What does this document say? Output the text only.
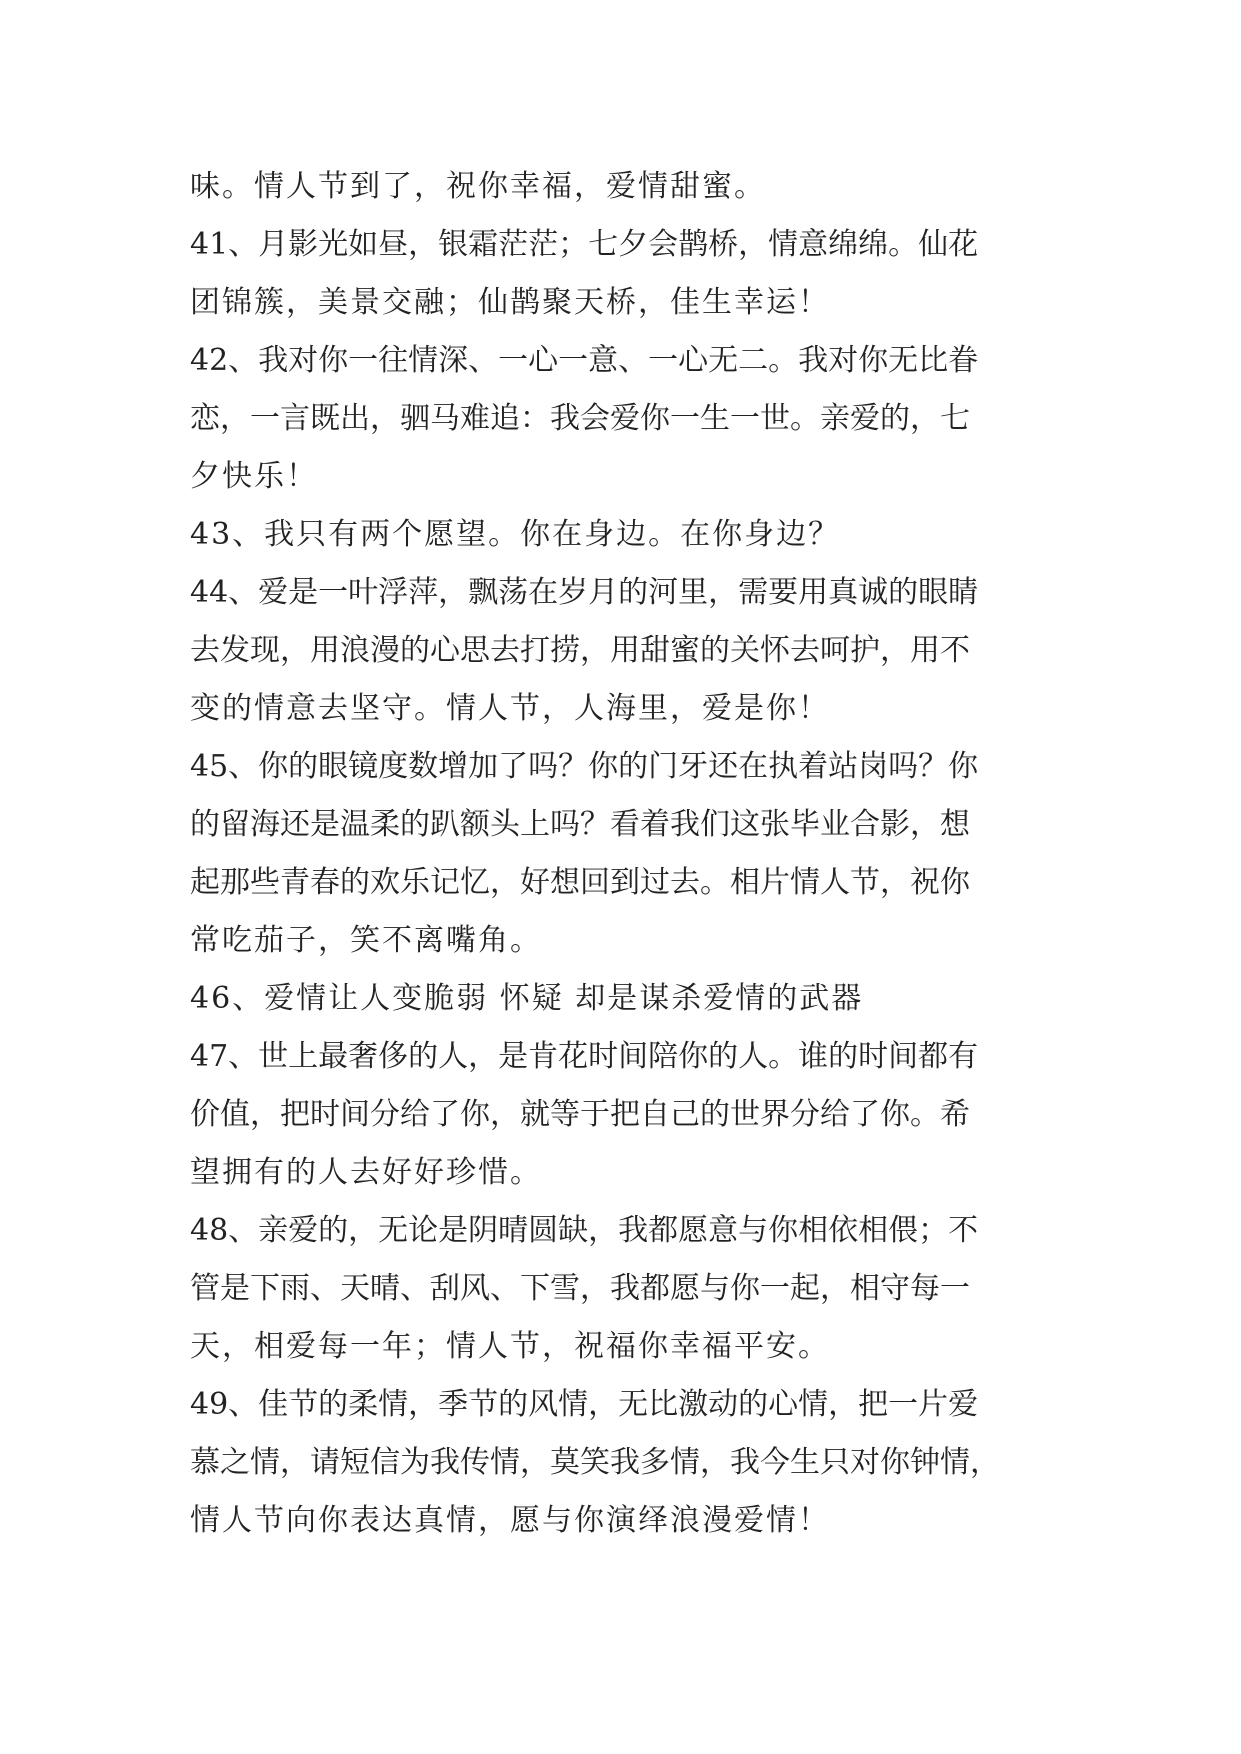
味。情人节到了，祝你幸福，爱情甜蜜。
41、月影光如昼，银霜茫茫；七夕会鹊桥，情意绵绵。仙花
团锦簇，美景交融；仙鹊聚天桥，佳生幸运！
42、我对你一往情深、一心一意、一心无二。我对你无比眷
恋，一言既出，驷马难追：我会爱你一生一世。亲爱的，七
夕快乐！
43、我只有两个愿望。你在身边。在你身边？
44、爱是一叶浮萍，飘荡在岁月的河里，需要用真诚的眼睛
去发现，用浪漫的心思去打捞，用甜蜜的关怀去呵护，用不
变的情意去坚守。情人节，人海里，爱是你！
45、你的眼镜度数增加了吗？你的门牙还在执着站岗吗？你
的留海还是温柔的趴额头上吗？看着我们这张毕业合影，想
起那些青春的欢乐记忆，好想回到过去。相片情人节，祝你
常吃茄子，笑不离嘴角。
46、爱情让人变脆弱 怀疑 却是谋杀爱情的武器
47、世上最奢侈的人，是肯花时间陪你的人。谁的时间都有
价值，把时间分给了你，就等于把自己的世界分给了你。希
望拥有的人去好好珍惜。
48、亲爱的，无论是阴晴圆缺，我都愿意与你相依相偎；不
管是下雨、天晴、刮风、下雪，我都愿与你一起，相守每一
天，相爱每一年；情人节，祝福你幸福平安。
49、佳节的柔情，季节的风情，无比激动的心情，把一片爱
慕之情，请短信为我传情，莫笑我多情，我今生只对你钟情，
情人节向你表达真情，愿与你演绎浪漫爱情！
